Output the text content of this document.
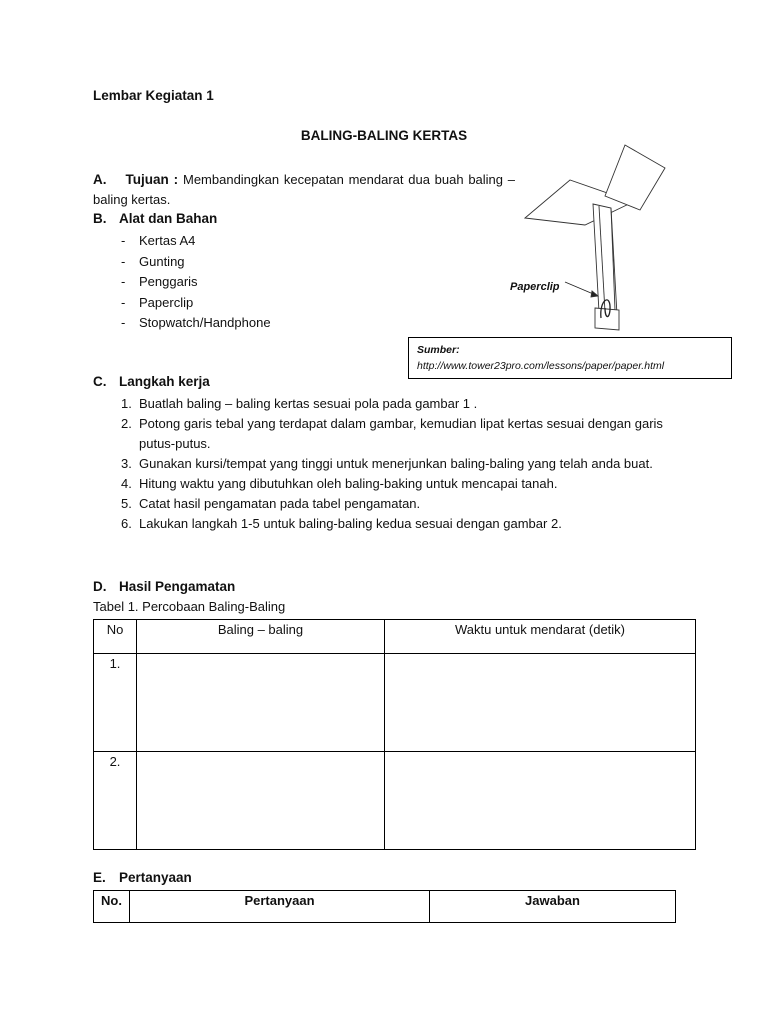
Lembar Kegiatan 1
BALING-BALING KERTAS
A. Tujuan : Membandingkan kecepatan mendarat dua buah baling – baling kertas.
B. Alat dan Bahan
- Kertas A4
- Gunting
- Penggaris
- Paperclip
- Stopwatch/Handphone
Paperclip
Sumber:
http://www.tower23pro.com/lessons/paper/paper.html
C. Langkah kerja
1. Buatlah baling – baling kertas sesuai pola pada gambar 1 .
2. Potong garis tebal yang terdapat dalam gambar, kemudian lipat kertas sesuai dengan garis putus-putus.
3. Gunakan kursi/tempat yang tinggi untuk menerjunkan baling-baling yang telah anda buat.
4. Hitung waktu yang dibutuhkan oleh baling-baking untuk mencapai tanah.
5. Catat hasil pengamatan pada tabel pengamatan.
6. Lakukan langkah 1-5 untuk baling-baling kedua sesuai dengan gambar 2.
D. Hasil Pengamatan
Tabel 1. Percobaan Baling-Baling
No	Baling – baling	Waktu untuk mendarat (detik)
1.		
2.		
E. Pertanyaan
No.	Pertanyaan	Jawaban
